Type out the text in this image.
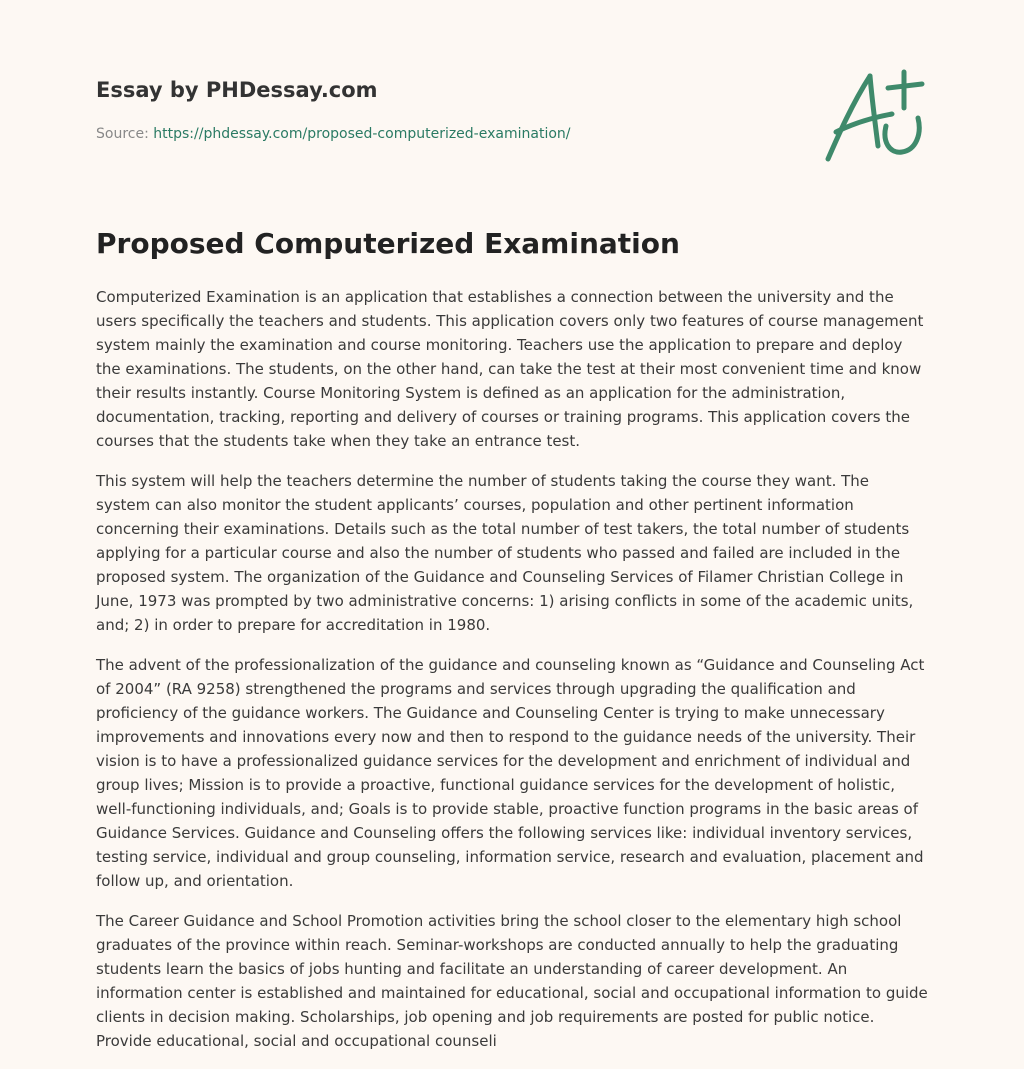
Essay by PHDessay.com
Source: https://phdessay.com/proposed-computerized-examination/
Proposed Computerized Examination

Computerized Examination is an application that establishes a connection between the university and the users specifically the teachers and students. This application covers only two features of course management system mainly the examination and course monitoring. Teachers use the application to prepare and deploy the examinations. The students, on the other hand, can take the test at their most convenient time and know their results instantly. Course Monitoring System is defined as an application for the administration, documentation, tracking, reporting and delivery of courses or training programs. This application covers the courses that the students take when they take an entrance test.

This system will help the teachers determine the number of students taking the course they want. The system can also monitor the student applicants’ courses, population and other pertinent information concerning their examinations. Details such as the total number of test takers, the total number of students applying for a particular course and also the number of students who passed and failed are included in the proposed system. The organization of the Guidance and Counseling Services of Filamer Christian College in June, 1973 was prompted by two administrative concerns: 1) arising conflicts in some of the academic units, and; 2) in order to prepare for accreditation in 1980.

The advent of the professionalization of the guidance and counseling known as “Guidance and Counseling Act of 2004” (RA 9258) strengthened the programs and services through upgrading the qualification and proficiency of the guidance workers. The Guidance and Counseling Center is trying to make unnecessary improvements and innovations every now and then to respond to the guidance needs of the university. Their vision is to have a professionalized guidance services for the development and enrichment of individual and group lives; Mission is to provide a proactive, functional guidance services for the development of holistic, well-functioning individuals, and; Goals is to provide stable, proactive function programs in the basic areas of Guidance Services. Guidance and Counseling offers the following services like: individual inventory services, testing service, individual and group counseling, information service, research and evaluation, placement and follow up, and orientation.

The Career Guidance and School Promotion activities bring the school closer to the elementary high school graduates of the province within reach. Seminar-workshops are conducted annually to help the graduating students learn the basics of jobs hunting and facilitate an understanding of career development. An information center is established and maintained for educational, social and occupational information to guide clients in decision making. Scholarships, job opening and job requirements are posted for public notice. Provide educational, social and occupational counseli
